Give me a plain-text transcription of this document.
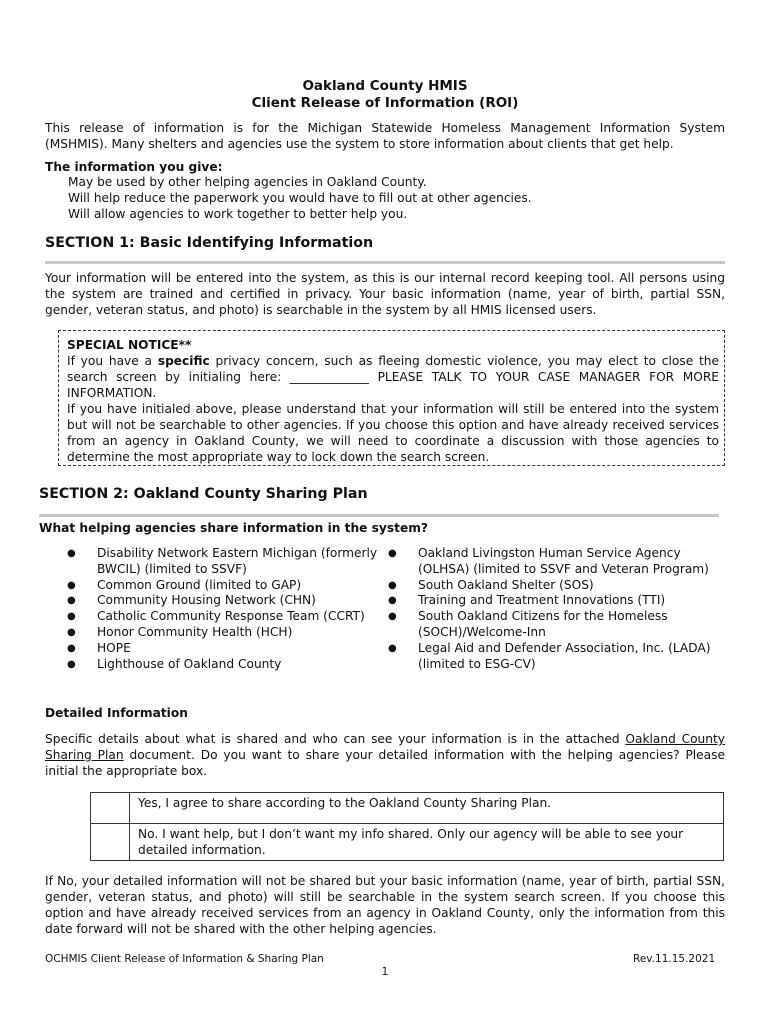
Oakland County HMIS
Client Release of Information (ROI)
This release of information is for the Michigan Statewide Homeless Management Information System (MSHMIS). Many shelters and agencies use the system to store information about clients that get help.
The information you give:
May be used by other helping agencies in Oakland County.
Will help reduce the paperwork you would have to fill out at other agencies.
Will allow agencies to work together to better help you.
SECTION 1: Basic Identifying Information
Your information will be entered into the system, as this is our internal record keeping tool. All persons using the system are trained and certified in privacy. Your basic information (name, year of birth, partial SSN, gender, veteran status, and photo) is searchable in the system by all HMIS licensed users.
SPECIAL NOTICE**
If you have a specific privacy concern, such as fleeing domestic violence, you may elect to close the search screen by initialing here: _____________ PLEASE TALK TO YOUR CASE MANAGER FOR MORE INFORMATION.
If you have initialed above, please understand that your information will still be entered into the system but will not be searchable to other agencies. If you choose this option and have already received services from an agency in Oakland County, we will need to coordinate a discussion with those agencies to determine the most appropriate way to lock down the search screen.
SECTION 2: Oakland County Sharing Plan
What helping agencies share information in the system?
● Disability Network Eastern Michigan (formerly BWCIL) (limited to SSVF)
● Common Ground (limited to GAP)
● Community Housing Network (CHN)
● Catholic Community Response Team (CCRT)
● Honor Community Health (HCH)
● HOPE
● Lighthouse of Oakland County
● Oakland Livingston Human Service Agency (OLHSA) (limited to SSVF and Veteran Program)
● South Oakland Shelter (SOS)
● Training and Treatment Innovations (TTI)
● South Oakland Citizens for the Homeless (SOCH)/Welcome-Inn
● Legal Aid and Defender Association, Inc. (LADA) (limited to ESG-CV)
Detailed Information
Specific details about what is shared and who can see your information is in the attached Oakland County Sharing Plan document. Do you want to share your detailed information with the helping agencies? Please initial the appropriate box.
	Yes, I agree to share according to the Oakland County Sharing Plan.
	No. I want help, but I don’t want my info shared. Only our agency will be able to see your detailed information.
If No, your detailed information will not be shared but your basic information (name, year of birth, partial SSN, gender, veteran status, and photo) will still be searchable in the system search screen. If you choose this option and have already received services from an agency in Oakland County, only the information from this date forward will not be shared with the other helping agencies.
OCHMIS Client Release of Information & Sharing Plan	Rev.11.15.2021
1
